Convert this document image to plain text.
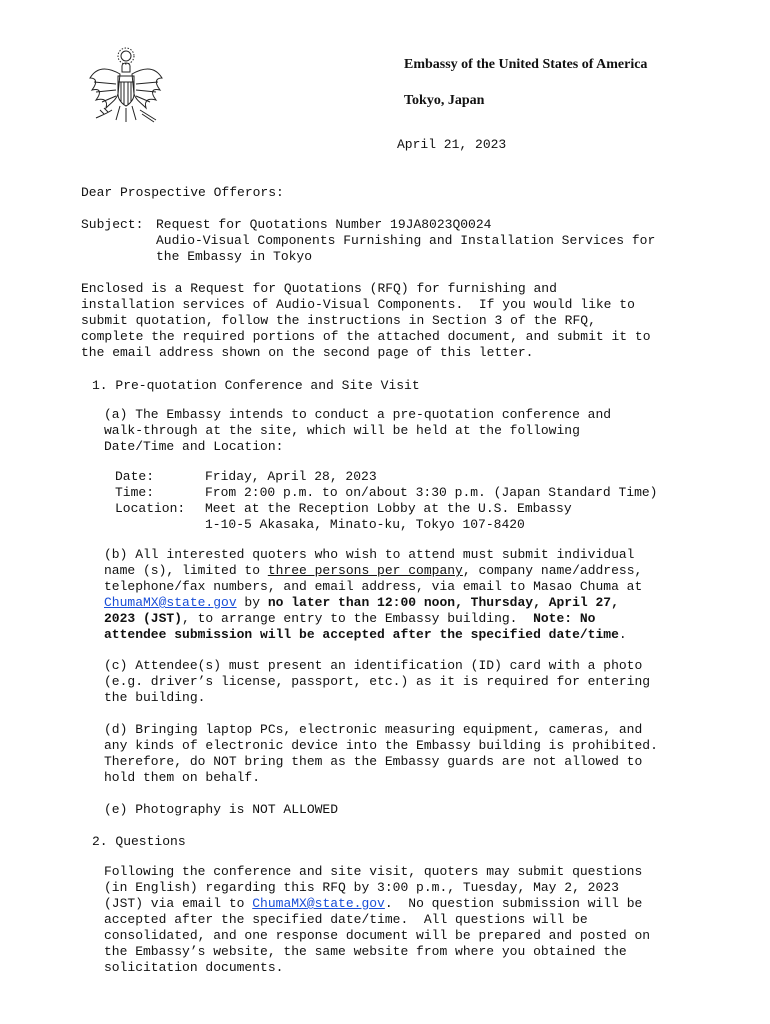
Embassy of the United States of America
Tokyo, Japan
April 21, 2023
Dear Prospective Offerors:
Subject: Request for Quotations Number 19JA8023Q0024
Audio-Visual Components Furnishing and Installation Services for
the Embassy in Tokyo
Enclosed is a Request for Quotations (RFQ) for furnishing and
installation services of Audio-Visual Components.  If you would like to
submit quotation, follow the instructions in Section 3 of the RFQ,
complete the required portions of the attached document, and submit it to
the email address shown on the second page of this letter.
1. Pre-quotation Conference and Site Visit
(a) The Embassy intends to conduct a pre-quotation conference and
walk-through at the site, which will be held at the following
Date/Time and Location:
Date:	Friday, April 28, 2023
Time:	From 2:00 p.m. to on/about 3:30 p.m. (Japan Standard Time)
Location: Meet at the Reception Lobby at the U.S. Embassy
1-10-5 Akasaka, Minato-ku, Tokyo 107-8420
(b) All interested quoters who wish to attend must submit individual
name (s), limited to three persons per company, company name/address,
telephone/fax numbers, and email address, via email to Masao Chuma at
ChumaMX@state.gov by no later than 12:00 noon, Thursday, April 27,
2023 (JST), to arrange entry to the Embassy building.  Note: No
attendee submission will be accepted after the specified date/time.
(c) Attendee(s) must present an identification (ID) card with a photo
(e.g. driver’s license, passport, etc.) as it is required for entering
the building.
(d) Bringing laptop PCs, electronic measuring equipment, cameras, and
any kinds of electronic device into the Embassy building is prohibited.
Therefore, do NOT bring them as the Embassy guards are not allowed to
hold them on behalf.
(e) Photography is NOT ALLOWED
2. Questions
Following the conference and site visit, quoters may submit questions
(in English) regarding this RFQ by 3:00 p.m., Tuesday, May 2, 2023
(JST) via email to ChumaMX@state.gov.  No question submission will be
accepted after the specified date/time.  All questions will be
consolidated, and one response document will be prepared and posted on
the Embassy’s website, the same website from where you obtained the
solicitation documents.
